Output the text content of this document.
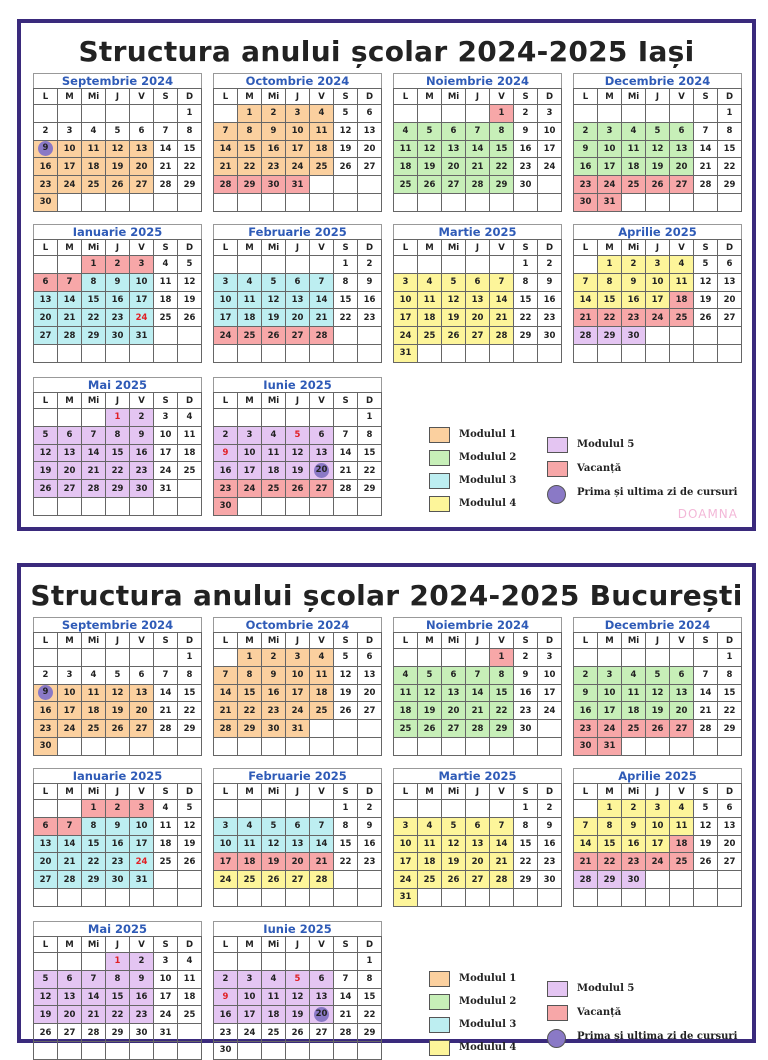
Structura anului școlar 2024-2025 Iași
Septembrie 2024
L	M	Mi	J	V	S	D
						1
2	3	4	5	6	7	8
9	10	11	12	13	14	15
16	17	18	19	20	21	22
23	24	25	26	27	28	29
30						
Octombrie 2024
L	M	Mi	J	V	S	D
	1	2	3	4	5	6
7	8	9	10	11	12	13
14	15	16	17	18	19	20
21	22	23	24	25	26	27
28	29	30	31			

Noiembrie 2024
L	M	Mi	J	V	S	D
				1	2	3
4	5	6	7	8	9	10
11	12	13	14	15	16	17
18	19	20	21	22	23	24
25	26	27	28	29	30	

Decembrie 2024
L	M	Mi	J	V	S	D
						1
2	3	4	5	6	7	8
9	10	11	12	13	14	15
16	17	18	19	20	21	22
23	24	25	26	27	28	29
30	31					
Ianuarie 2025
L	M	Mi	J	V	S	D
		1	2	3	4	5
6	7	8	9	10	11	12
13	14	15	16	17	18	19
20	21	22	23	24	25	26
27	28	29	30	31		

Februarie 2025
L	M	Mi	J	V	S	D
					1	2
3	4	5	6	7	8	9
10	11	12	13	14	15	16
17	18	19	20	21	22	23
24	25	26	27	28		

Martie 2025
L	M	Mi	J	V	S	D
					1	2
3	4	5	6	7	8	9
10	11	12	13	14	15	16
17	18	19	20	21	22	23
24	25	26	27	28	29	30
31						
Aprilie 2025
L	M	Mi	J	V	S	D
	1	2	3	4	5	6
7	8	9	10	11	12	13
14	15	16	17	18	19	20
21	22	23	24	25	26	27
28	29	30				

Mai 2025
L	M	Mi	J	V	S	D
			1	2	3	4
5	6	7	8	9	10	11
12	13	14	15	16	17	18
19	20	21	22	23	24	25
26	27	28	29	30	31	

Iunie 2025
L	M	Mi	J	V	S	D
						1
2	3	4	5	6	7	8
9	10	11	12	13	14	15
16	17	18	19	20	21	22
23	24	25	26	27	28	29
30						
Modulul 1
Modulul 2
Modulul 3
Modulul 4
Modulul 5
Vacanță
Prima și ultima zi de cursuri
DOAMNA
Structura anului școlar 2024-2025 București
Septembrie 2024
L	M	Mi	J	V	S	D
						1
2	3	4	5	6	7	8
9	10	11	12	13	14	15
16	17	18	19	20	21	22
23	24	25	26	27	28	29
30						
Octombrie 2024
L	M	Mi	J	V	S	D
	1	2	3	4	5	6
7	8	9	10	11	12	13
14	15	16	17	18	19	20
21	22	23	24	25	26	27
28	29	30	31			

Noiembrie 2024
L	M	Mi	J	V	S	D
				1	2	3
4	5	6	7	8	9	10
11	12	13	14	15	16	17
18	19	20	21	22	23	24
25	26	27	28	29	30	

Decembrie 2024
L	M	Mi	J	V	S	D
						1
2	3	4	5	6	7	8
9	10	11	12	13	14	15
16	17	18	19	20	21	22
23	24	25	26	27	28	29
30	31					
Ianuarie 2025
L	M	Mi	J	V	S	D
		1	2	3	4	5
6	7	8	9	10	11	12
13	14	15	16	17	18	19
20	21	22	23	24	25	26
27	28	29	30	31		

Februarie 2025
L	M	Mi	J	V	S	D
					1	2
3	4	5	6	7	8	9
10	11	12	13	14	15	16
17	18	19	20	21	22	23
24	25	26	27	28		

Martie 2025
L	M	Mi	J	V	S	D
					1	2
3	4	5	6	7	8	9
10	11	12	13	14	15	16
17	18	19	20	21	22	23
24	25	26	27	28	29	30
31						
Aprilie 2025
L	M	Mi	J	V	S	D
	1	2	3	4	5	6
7	8	9	10	11	12	13
14	15	16	17	18	19	20
21	22	23	24	25	26	27
28	29	30				

Mai 2025
L	M	Mi	J	V	S	D
			1	2	3	4
5	6	7	8	9	10	11
12	13	14	15	16	17	18
19	20	21	22	23	24	25
26	27	28	29	30	31	

Iunie 2025
L	M	Mi	J	V	S	D
						1
2	3	4	5	6	7	8
9	10	11	12	13	14	15
16	17	18	19	20	21	22
23	24	25	26	27	28	29
30						
Modulul 1
Modulul 2
Modulul 3
Modulul 4
Modulul 5
Vacanță
Prima și ultima zi de cursuri
